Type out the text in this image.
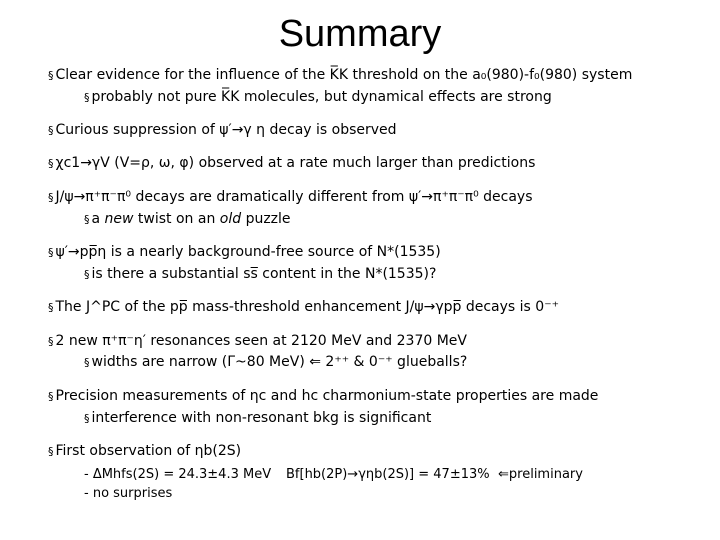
Summary
§ Clear evidence for the influence of the K̅K threshold on the a₀(980)-f₀(980) system
§ probably not pure K̅K molecules, but dynamical effects are strong
§ Curious suppression of ψ′→γ η decay is observed
§ χc1→γV (V=ρ, ω, φ) observed at a rate much larger than predictions
§ J/ψ→π⁺π⁻π⁰ decays are dramatically different from ψ′→π⁺π⁻π⁰ decays
§ a new twist on an old puzzle
§ ψ′→pp̅η is a nearly background-free source of N*(1535)
§ is there a substantial ss̅ content in the N*(1535)?
§ The J^PC of the pp̅ mass-threshold enhancement J/ψ→γpp̅ decays is 0⁻⁺
§ 2 new π⁺π⁻η′ resonances seen at 2120 MeV and 2370 MeV
§ widths are narrow (Γ~80 MeV) ⇐ 2⁺⁺ & 0⁻⁺ glueballs?
§ Precision measurements of ηc and hc charmonium-state properties are made
§ interference with non-resonant bkg is significant
§ First observation of ηb(2S)
- ΔMhfs(2S) = 24.3±4.3 MeV
- no surprises
Bf[hb(2P)→γηb(2S)] = 47±13% ⇐preliminary
